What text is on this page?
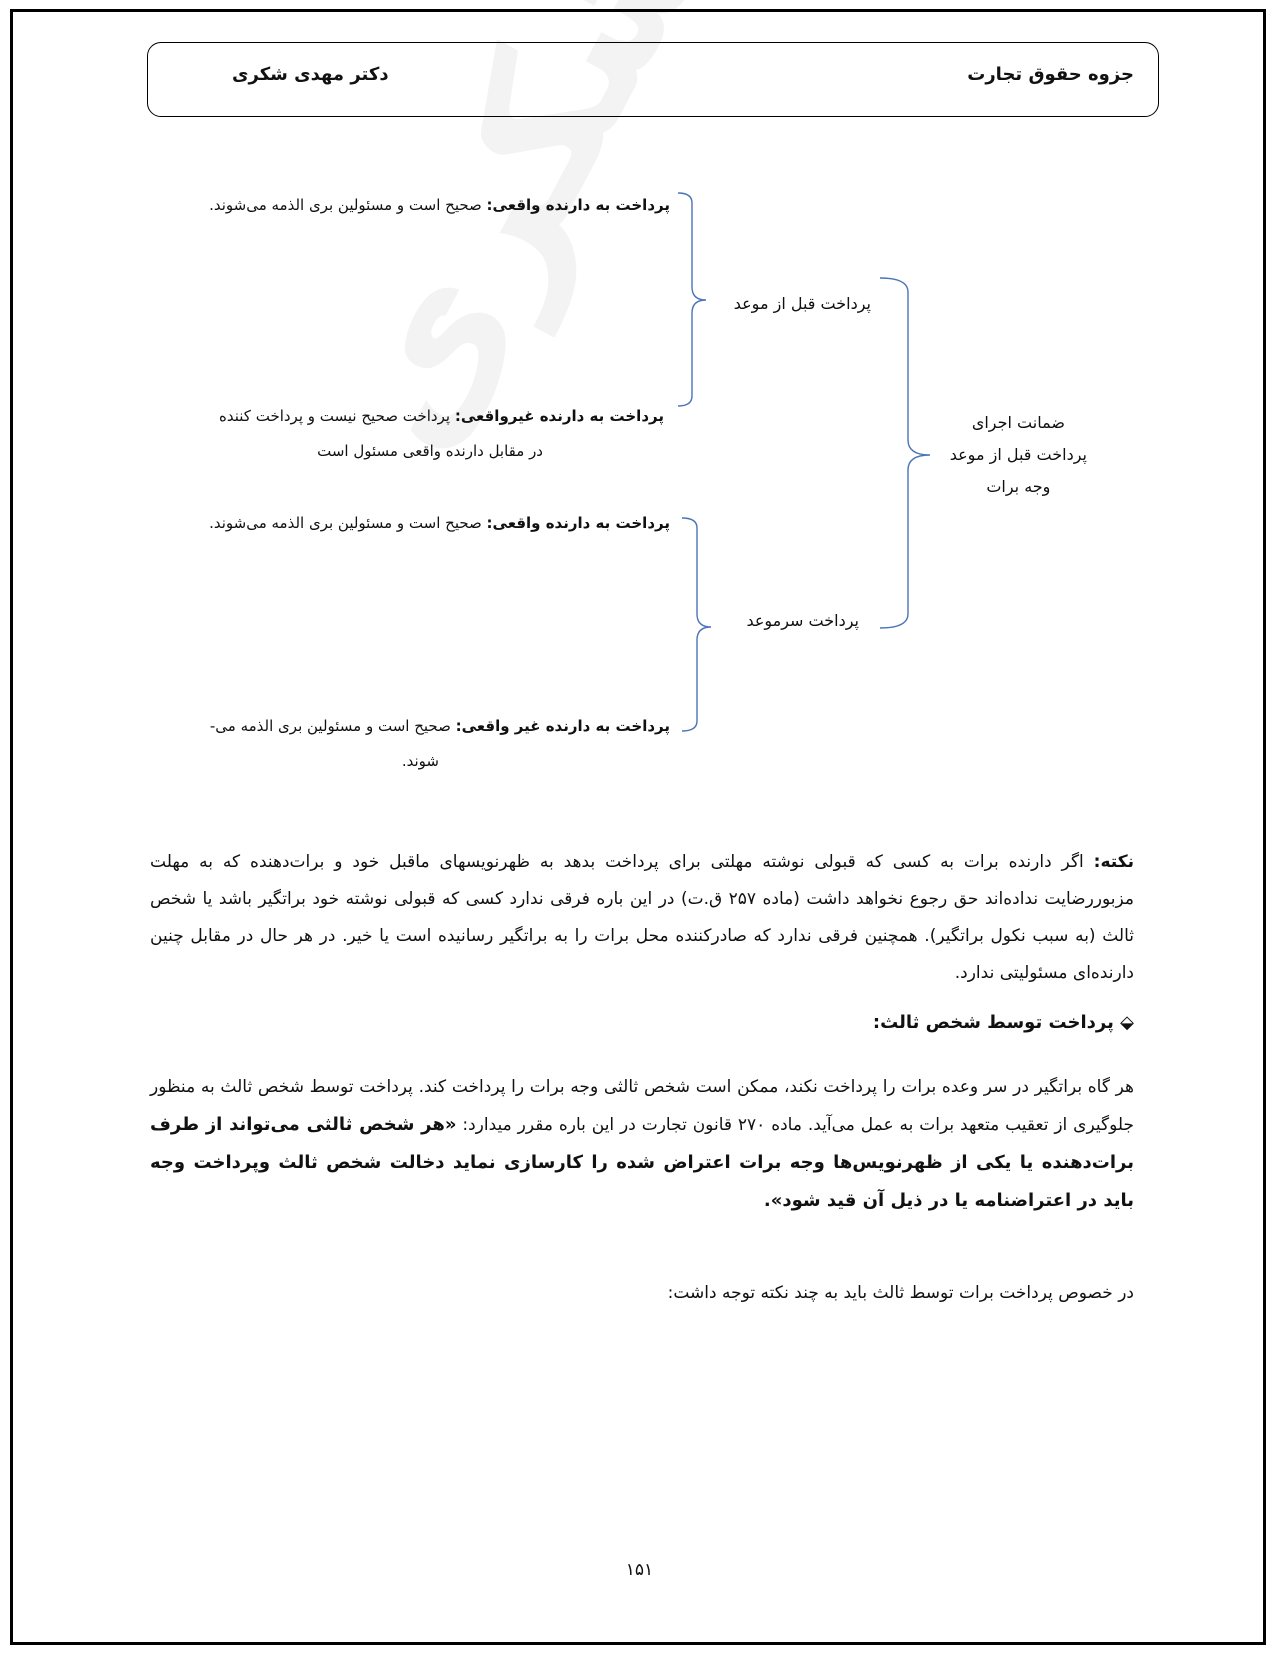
جزوه حقوق تجارت
دکتر مهدی شکری
ضمانت اجرای
پرداخت قبل از موعد
وجه برات
پرداخت قبل از موعد
پرداخت سرموعد
پرداخت به دارنده واقعی: صحیح است و مسئولین بری الذمه می‌شوند.
پرداخت به دارنده غیرواقعی: پرداخت صحیح نیست و پرداخت کننده
در مقابل دارنده واقعی مسئول است
پرداخت به دارنده واقعی: صحیح است و مسئولین بری الذمه می‌شوند.
پرداخت به دارنده غیر واقعی: صحیح است و مسئولین بری الذمه می-
شوند.
نکته: اگر دارنده برات به کسی که قبولی نوشته مهلتی برای پرداخت بدهد به ظهرنویسهای ماقبل خود و برات‌دهنده که به مهلت مزبوررضایت نداده‌اند حق رجوع نخواهد داشت (ماده ۲۵۷ ق.ت) در این باره فرقی ندارد کسی که قبولی نوشته خود براتگیر باشد یا شخص ثالث (به سبب نکول براتگیر). همچنین فرقی ندارد که صادرکننده محل برات را به براتگیر رسانیده است یا خیر. در هر حال در مقابل چنین دارنده‌ای مسئولیتی ندارد.
⬙ پرداخت توسط شخص ثالث:
هر گاه براتگیر در سر وعده برات را پرداخت نکند، ممکن است شخص ثالثی وجه برات را پرداخت کند. پرداخت توسط شخص ثالث به منظور جلوگیری از تعقیب متعهد برات به عمل می‌آید. ماده ۲۷۰ قانون تجارت در این باره مقرر میدارد: «هر شخص ثالثی می‌تواند از طرف برات‌دهنده یا یکی از ظهرنویس‌ها وجه برات اعتراض شده را کارسازی نماید دخالت شخص ثالث وپرداخت وجه باید در اعتراضنامه یا در ذیل آن قید شود».
در خصوص پرداخت برات توسط ثالث باید به چند نکته توجه داشت:
۱۵۱
